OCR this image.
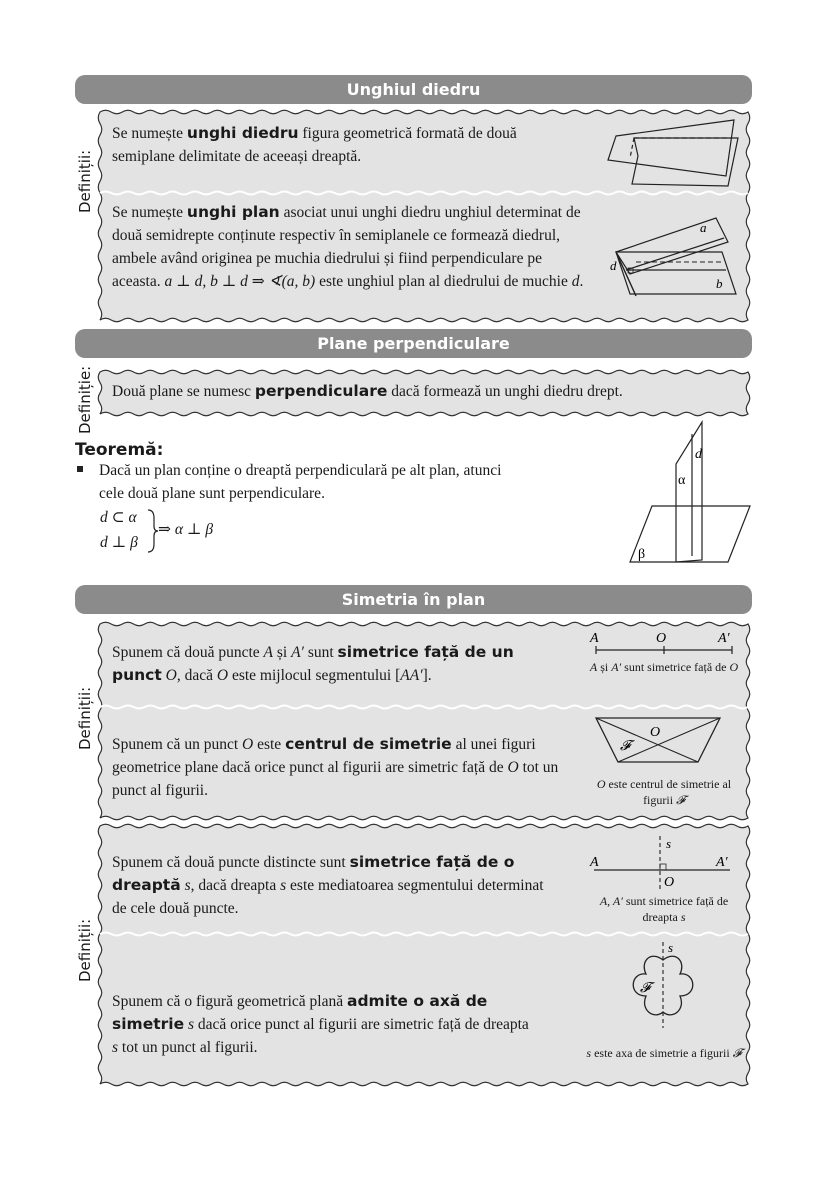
Unghiul diedru
Definiții:
Se numește unghi diedru figura geometrică formată de două semiplane delimitate de aceeași dreaptă.
Se numește unghi plan asociat unui unghi diedru unghiul determinat de două semidrepte conținute respectiv în semiplanele ce formează diedrul, ambele având originea pe muchia diedrului și fiind perpendiculare pe aceasta. a ⊥ d, b ⊥ d ⇒ ∢(a, b) este unghiul plan al diedrului de muchie d.
a
b
d
Plane perpendiculare
Definiție: Două plane se numesc perpendiculare dacă formează un unghi diedru drept.
Teoremă:
Dacă un plan conține o dreaptă perpendiculară pe alt plan, atunci cele două plane sunt perpendiculare.
d ⊂ α
d ⊥ β
⇒ α ⊥ β
d
α
β
Simetria în plan
Definiții:
Definiții:
Spunem că două puncte A și A′ sunt simetrice față de un punct O, dacă O este mijlocul segmentului [AA′].
A	O	A′
A și A′ sunt simetrice față de O
Spunem că un punct O este centrul de simetrie al unei figuri geometrice plane dacă orice punct al figurii are simetric față de O tot un punct al figurii.
O
𝓕
O este centrul de simetrie al figurii 𝓕
Spunem că două puncte distincte sunt simetrice față de o dreaptă s, dacă dreapta s este mediatoarea segmentului determinat de cele două puncte.
s
A	A′
O
A, A′ sunt simetrice față de dreapta s
Spunem că o figură geometrică plană admite o axă de simetrie s dacă orice punct al figurii are simetric față de dreapta s tot un punct al figurii.
s
𝓕
s este axa de simetrie a figurii 𝓕
